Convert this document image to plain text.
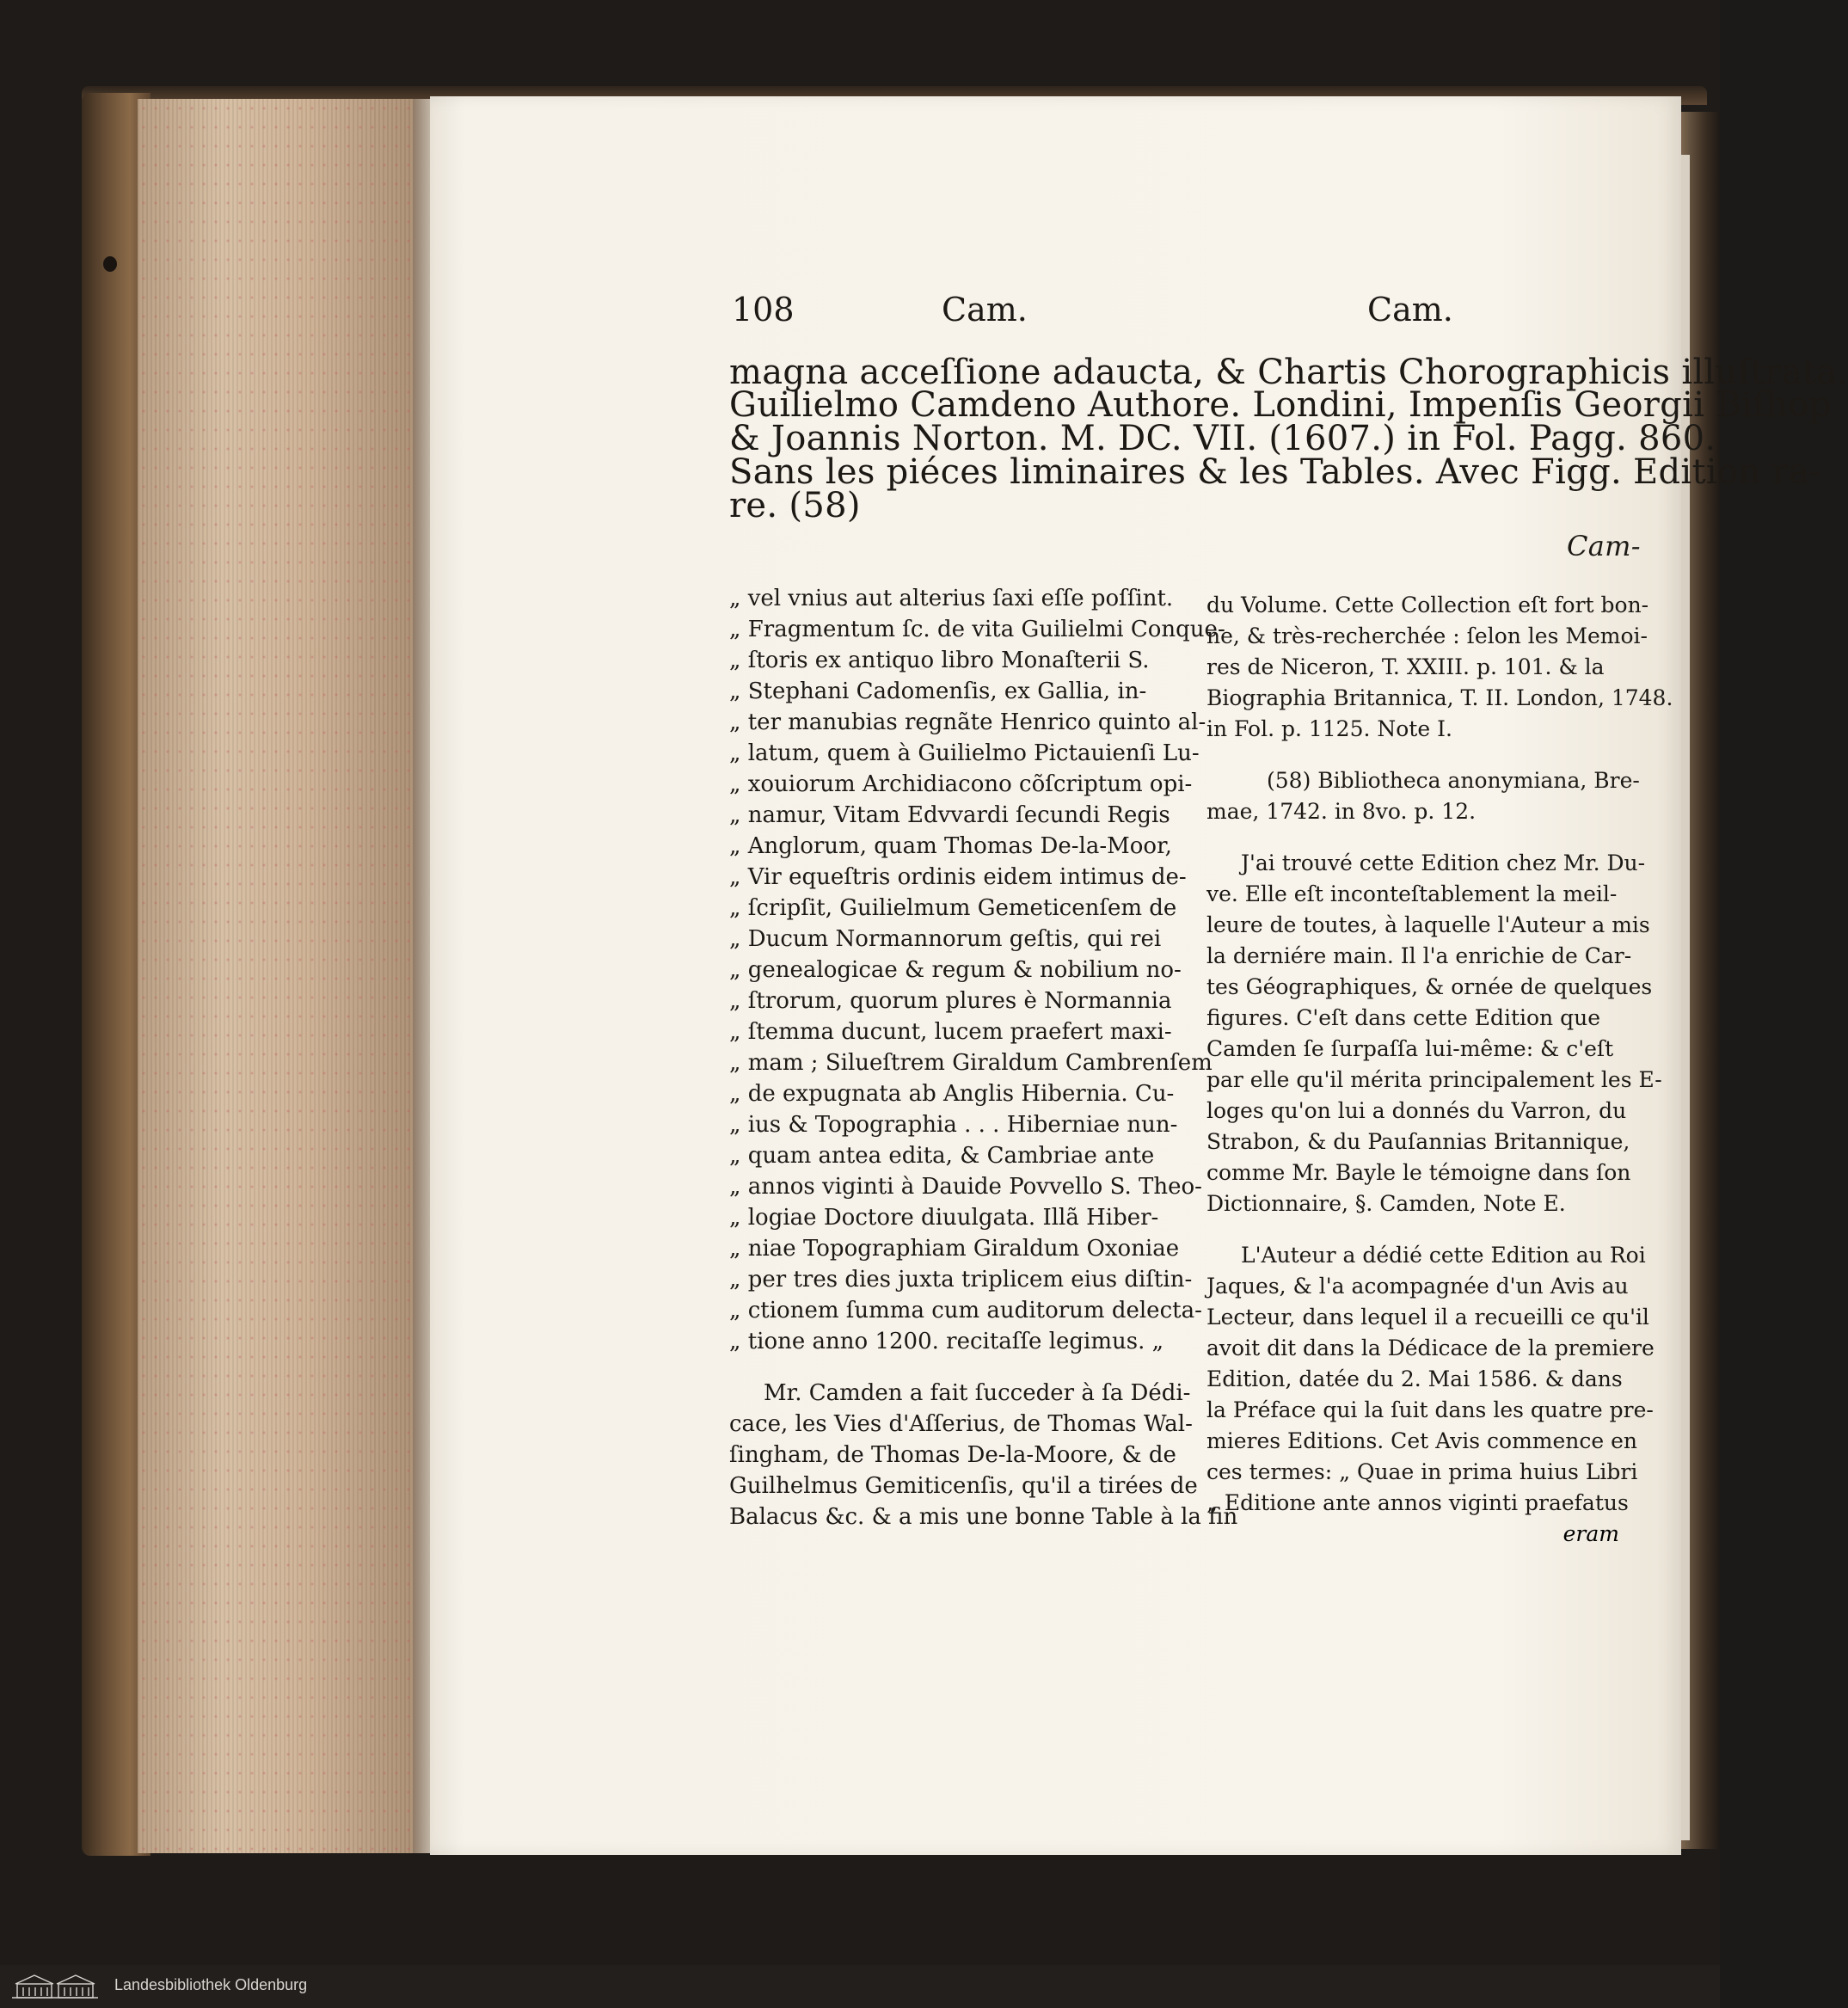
108	Cam.	Cam.
magna acceſſione adaucta, & Chartis Chorographicis illuſtrata.
Guilielmo Camdeno Authore. Londini, Impenſis Georgii Biſhop
& Joannis Norton. M. DC. VII. (1607.) in Fol. Pagg. 860.
Sans les piéces liminaires & les Tables. Avec Figg. Edition ra-
re. (58)
Cam-
„ vel vnius aut alterius ſaxi eſſe poſſint.
„ Fragmentum ſc. de vita Guilielmi Conque-
„ ſtoris ex antiquo libro Monaſterii S.
„ Stephani Cadomenſis, ex Gallia, in-
„ ter manubias regnãte Henrico quinto al-
„ latum, quem à Guilielmo Pictauienſi Lu-
„ xouiorum Archidiacono cõſcriptum opi-
„ namur, Vitam Edvvardi ſecundi Regis
„ Anglorum, quam Thomas De-la-Moor,
„ Vir equeſtris ordinis eidem intimus de-
„ ſcripſit, Guilielmum Gemeticenſem de
„ Ducum Normannorum geſtis, qui rei
„ genealogicae & regum & nobilium no-
„ ſtrorum, quorum plures è Normannia
„ ſtemma ducunt, lucem praefert maxi-
„ mam ; Silueſtrem Giraldum Cambrenſem
„ de expugnata ab Anglis Hibernia. Cu-
„ ius & Topographia . . . Hiberniae nun-
„ quam antea edita, & Cambriae ante
„ annos viginti à Dauide Povvello S. Theo-
„ logiae Doctore diuulgata. Illã Hiber-
„ niae Topographiam Giraldum Oxoniae
„ per tres dies juxta triplicem eius diſtin-
„ ctionem ſumma cum auditorum delecta-
„ tione anno 1200. recitaſſe legimus. „
Mr. Camden a fait ſucceder à ſa Dédi-
cace, les Vies d'Aſſerius, de Thomas Wal-
ſingham, de Thomas De-la-Moore, & de
Guilhelmus Gemiticenſis, qu'il a tirées de
Balacus &c. & a mis une bonne Table à la fin
du Volume. Cette Collection eſt fort bon-
ne, & très-recherchée : ſelon les Memoi-
res de Niceron, T. XXIII. p. 101. & la
Biographia Britannica, T. II. London, 1748.
in Fol. p. 1125. Note I.
(58) Bibliotheca anonymiana, Bre-
mae, 1742. in 8vo. p. 12.
J'ai trouvé cette Edition chez Mr. Du-
ve. Elle eſt inconteſtablement la meil-
leure de toutes, à laquelle l'Auteur a mis
la derniére main. Il l'a enrichie de Car-
tes Géographiques, & ornée de quelques
figures. C'eſt dans cette Edition que
Camden ſe ſurpaſſa lui-même: & c'eſt
par elle qu'il mérita principalement les E-
loges qu'on lui a donnés du Varron, du
Strabon, & du Pauſannias Britannique,
comme Mr. Bayle le témoigne dans ſon
Dictionnaire, §. Camden, Note E.
L'Auteur a dédié cette Edition au Roi
Jaques, & l'a acompagnée d'un Avis au
Lecteur, dans lequel il a recueilli ce qu'il
avoit dit dans la Dédicace de la premiere
Edition, datée du 2. Mai 1586. & dans
la Préface qui la ſuit dans les quatre pre-
mieres Editions. Cet Avis commence en
ces termes: „ Quae in prima huius Libri
„ Editione ante annos viginti praefatus
eram
Landesbibliothek Oldenburg
